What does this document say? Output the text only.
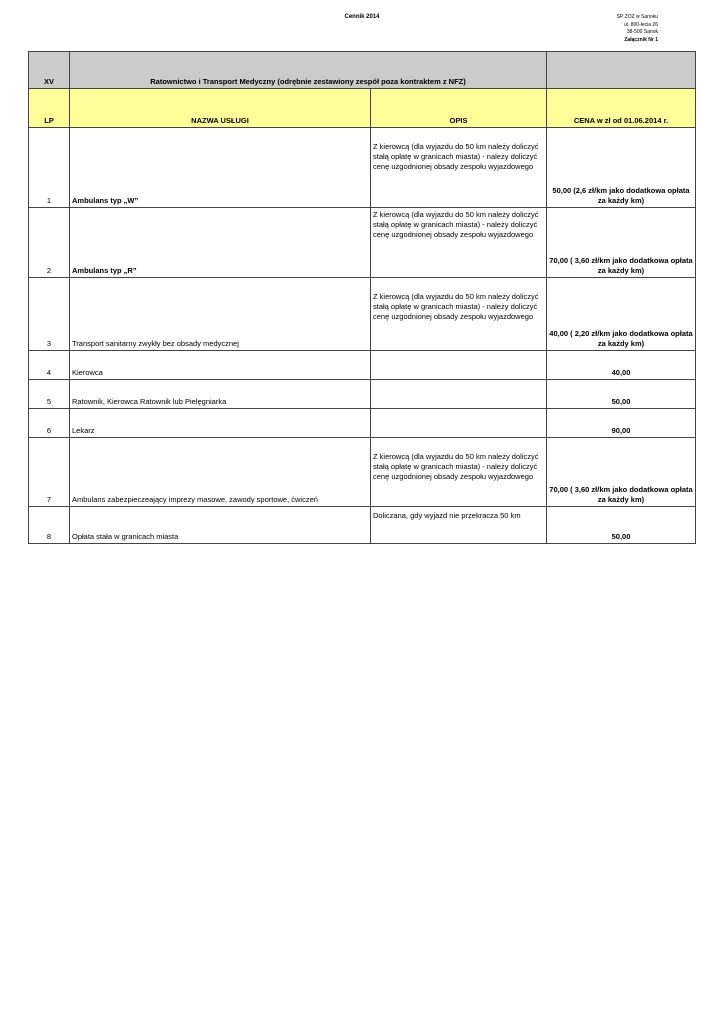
Cennik 2014	SP ZOZ w Sanoku
ul. 800-lecia 26
38-500 Sanok
Załącznik Nr 1
XV	Ratownictwo i Transport Medyczny (odrębnie zestawiony zespół poza kontraktem z NFZ)		
LP	NAZWA USŁUGI	OPIS	CENA w zł od 01.06.2014 r.
1	Ambulans typ „W”	Z kierowcą (dla wyjazdu do 50 km należy doliczyć stałą opłatę w granicach miasta) - należy doliczyć cenę uzgodnionej obsady zespołu wyjazdowego	50,00 (2,6 zł/km jako dodatkowa opłata za każdy km)
2	Ambulans typ „R”	Z kierowcą (dla wyjazdu do 50 km należy doliczyć stałą opłatę w granicach miasta) - należy doliczyć cenę uzgodnionej obsady zespołu wyjazdowego	70,00 ( 3,60 zł/km jako dodatkowa opłata za każdy km)
3	Transport sanitarny zwykły bez obsady medycznej	Z kierowcą (dla wyjazdu do 50 km należy doliczyć stałą opłatę w granicach miasta) - należy doliczyć cenę uzgodnionej obsady zespołu wyjazdowego	40,00 ( 2,20 zł/km jako dodatkowa opłata za każdy km)
4	Kierowca		40,00
5	Ratownik, Kierowca Ratownik lub Pielęgniarka		50,00
6	Lekarz		90,00
7	Ambulans zabezpieczeający imprezy masowe, zawody sportowe, ćwiczeń	Z kierowcą (dla wyjazdu do 50 km należy doliczyć stałą opłatę w granicach miasta) - należy doliczyć cenę uzgodnionej obsady zespołu wyjazdowego	70,00 ( 3,60 zł/km jako dodatkowa opłata za każdy km)
8	Opłata stała w granicach miasta	Doliczana, gdy wyjazd nie przekracza 50 km	50,00
